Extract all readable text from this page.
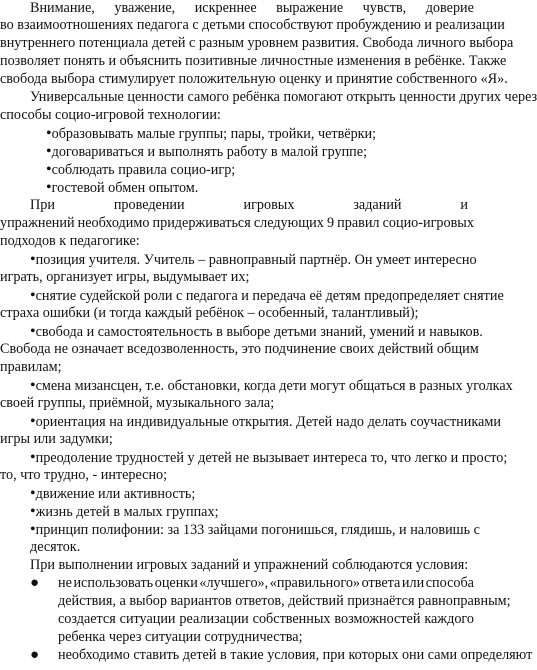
Внимание, уважение, искреннее выражение чувств, доверие
во взаимоотношениях педагога с детьми способствуют пробуждению и реализации
внутреннего потенциала детей с разным уровнем развития. Свобода личного выбора
позволяет понять и объяснить позитивные личностные изменения в ребёнке. Также
свобода выбора стимулирует положительную оценку и принятие собственного «Я».
Универсальные ценности самого ребёнка помогают открыть ценности других через
способы социо-игровой технологии:
•образовывать малые группы; пары, тройки, четвёрки;
•договариваться и выполнять работу в малой группе;
•соблюдать правила социо-игр;
•гостевой обмен опытом.
При	проведении	игровых	заданий	и
упражнений необходимо придерживаться следующих 9 правил социо-игровых
подходов к педагогике:
•позиция учителя. Учитель – равноправный партнёр. Он умеет интересно
играть, организует игры, выдумывает их;
•снятие судейской роли с педагога и передача её детям предопределяет снятие
страха ошибки (и тогда каждый ребёнок – особенный, талантливый);
•свобода и самостоятельность в выборе детьми знаний, умений и навыков.
Свобода не означает вседозволенность, это подчинение своих действий общим
правилам;
•смена мизансцен, т.е. обстановки, когда дети могут общаться в разных уголках
своей группы, приёмной, музыкального зала;
•ориентация на индивидуальные открытия. Детей надо делать соучастниками
игры или задумки;
•преодоление трудностей у детей не вызывает интереса то, что легко и просто;
то, что трудно, - интересно;
•движение или активность;
•жизнь детей в малых группах;
•принцип полифонии: за 133 зайцами погонишься, глядишь, и наловишь с
десяток.
При выполнении игровых заданий и упражнений соблюдаются условия:
● не использовать оценки «лучшего», «правильного» ответа или способа
действия, а выбор вариантов ответов, действий признаётся равноправным;
создается ситуации реализации собственных возможностей каждого
ребенка через ситуации сотрудничества;
● необходимо ставить детей в такие условия, при которых они сами определяют
